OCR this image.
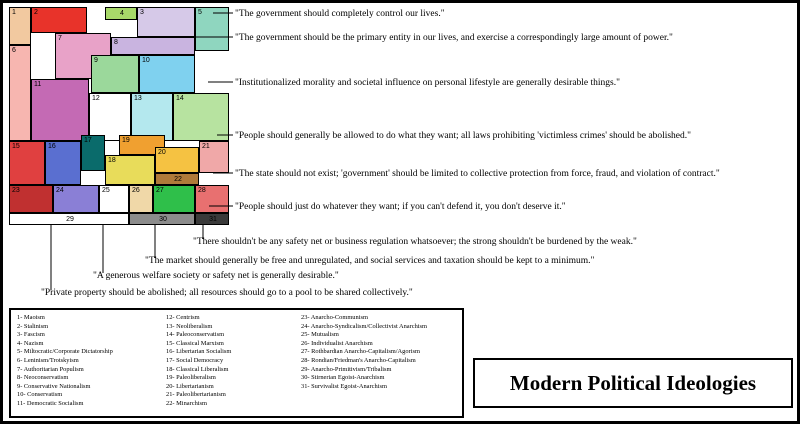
1	2	3
4	5
6
7
8
9	10
11
12	13	14
15	16
17
18
19
20
21
22
23	24	25	26 27	28
29	30	31
"The government should completely control our lives."
"The government should be the primary entity in our lives, and exercise a correspondingly large amount of power."
"Institutionalized morality and societal influence on personal lifestyle are generally desirable things."
"People should generally be allowed to do what they want; all laws prohibiting 'victimless crimes' should be abolished."
"The state should not exist; 'government' should be limited to collective protection from force, fraud, and violation of contract."
"People should just do whatever they want; if you can't defend it, you don't deserve it."
"There shouldn't be any safety net or business regulation whatsoever; the strong shouldn't be burdened by the weak."
"The market should generally be free and unregulated, and social services and taxation should be kept to a minimum."
"A generous welfare society or safety net is generally desirable."
"Private property should be abolished; all resources should go to a pool to be shared collectively."
1- Maoism
2- Stalinism
3- Fascism
4- Nazism
5- Miltocratic/Corporate Dictatorship
6- Leninism/Trotskyism
7- Authoritarian Populism
8- Neoconservatism
9- Conservative Nationalism
10- Conservatism
11- Democratic Socialism
12- Centrism
13- Neoliberalism
14- Paleoconservatism
15- Classical Marxism
16- Libertarian Socialism
17- Social Democracy
18- Classical Liberalism
19- Paleoliberalism
20- Libertarianism
21- Paleolibertarianism
22- Minarchism
23- Anarcho-Communism
24- Anarcho-Syndicalism/Collectivist Anarchism
25- Mutualism
26- Individualist Anarchism
27- Rothbardian Anarcho-Capitalism/Agorism
28- Rondian/Friedman's Anarcho-Capitalism
29- Anarcho-Primitivism/Tribalism
30- Stirnerian Egoist-Anarchism
31- Survivalist Egoist-Anarchism	Modern Political Ideologies
